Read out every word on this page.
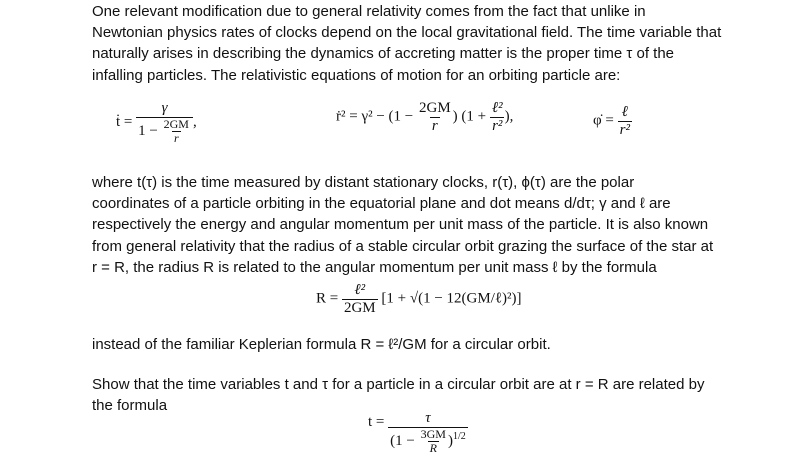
One relevant modification due to general relativity comes from the fact that unlike in
Newtonian physics rates of clocks depend on the local gravitational field. The time variable that
naturally arises in describing the dynamics of accreting matter is the proper time τ of the
infalling particles. The relativistic equations of motion for an orbiting particle are:

ṫ = $\frac{\gamma}{1 - \frac{2GM}{r}}$ ,	ṙ² = $\gamma^2 - (1 - \frac{2GM}{r}$ ) ($1 + \frac{\text{ℓ²}}{\text{r²}}$ ),	φ̇ = $\frac{\text{ℓ}}{\text{r²}}$

where t(τ) is the time measured by distant stationary clocks, r(τ), ϕ(τ) are the polar
coordinates of a particle orbiting in the equatorial plane and dot means d/dτ; γ and ℓ are
respectively the energy and angular momentum per unit mass of the particle. It is also known
from general relativity that the radius of a stable circular orbit grazing the surface of the star at
r = R, the radius R is related to the angular momentum per unit mass ℓ by the formula

$R = \frac{\text{ℓ²}}{2GM} [1 + √(1$ − 12(GM/ℓ)²)]

instead of the familiar Keplerian formula R = ℓ²/GM for a circular orbit.

Show that the time variables t and τ for a particle in a circular orbit are at r = R are related by
the formula

$t = \frac{\tau}{(1 - \frac{3GM}{R} )^{1/2}}$
